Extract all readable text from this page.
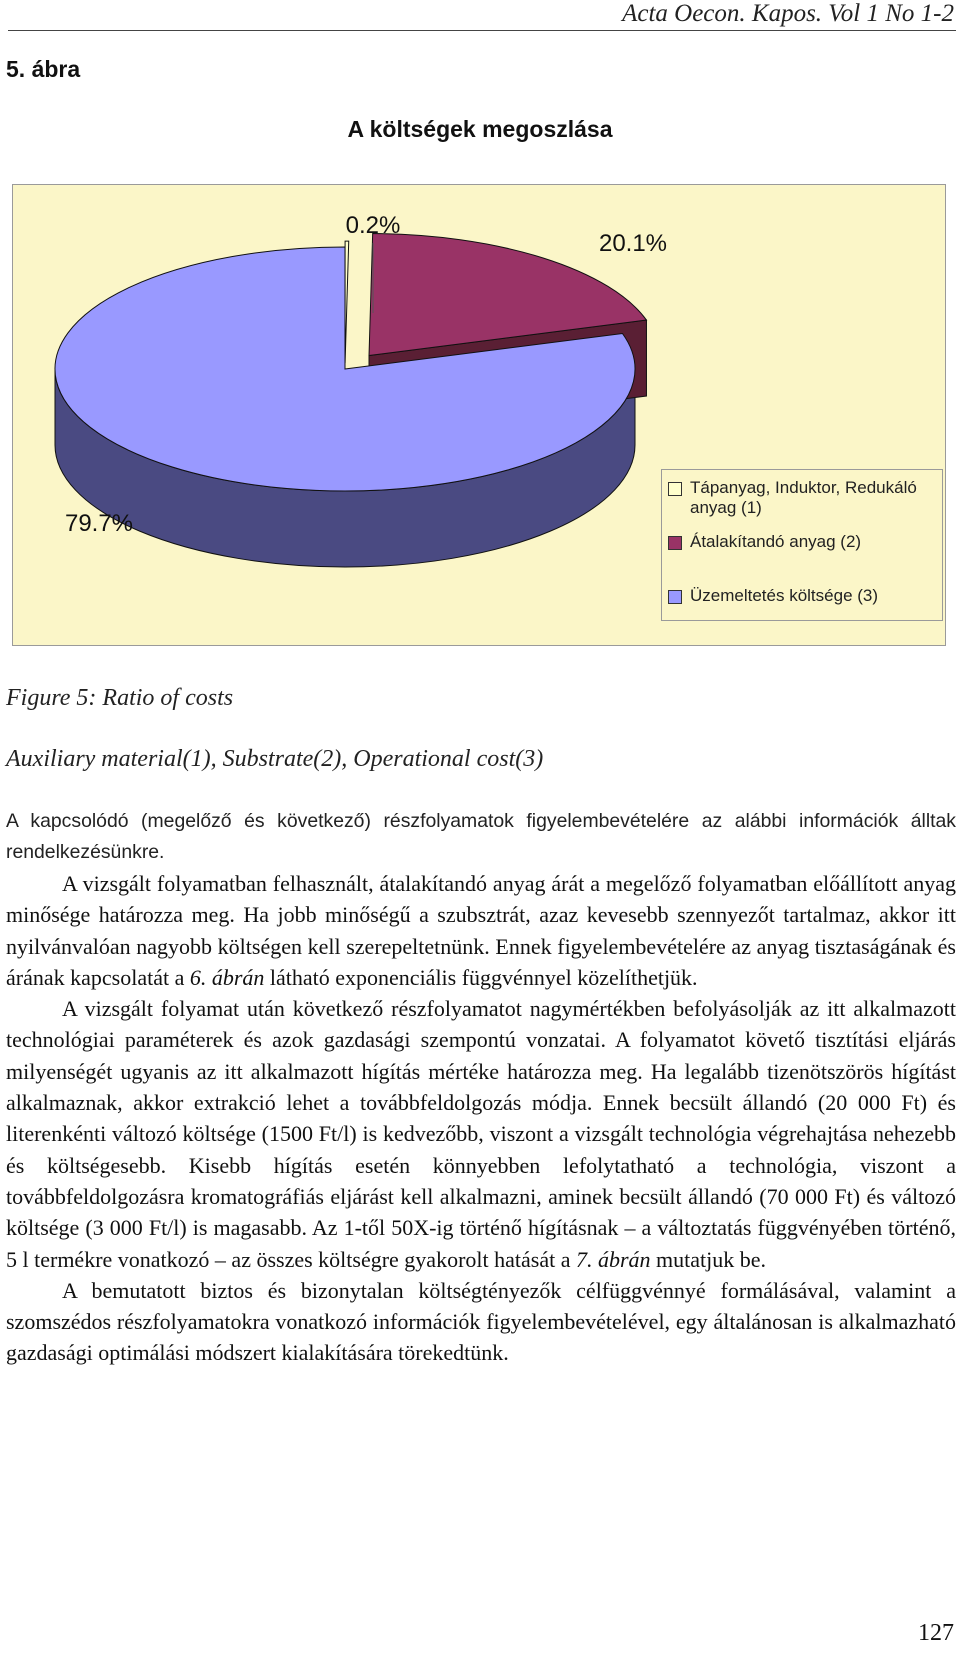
Acta Oecon. Kapos. Vol 1 No 1-2
5. ábra
A költségek megoszlása
0.2%
20.1%
79.7%
Tápanyag, Induktor, Redukáló anyag (1)
Átalakítandó anyag (2)
Üzemeltetés költsége (3)
Figure 5: Ratio of costs
Auxiliary material(1), Substrate(2), Operational cost(3)
A kapcsolódó (megelőző és következő) részfolyamatok figyelembevételére az alábbi információk álltak rendelkezésünkre.

A vizsgált folyamatban felhasznált, átalakítandó anyag árát a megelőző folyamatban előállított anyag minősége határozza meg. Ha jobb minőségű a szubsztrát, azaz kevesebb szennyezőt tartalmaz, akkor itt nyilvánvalóan nagyobb költségen kell szerepeltetnünk. Ennek figyelembevételére az anyag tisztaságának és árának kapcsolatát a 6. ábrán látható exponenciális függvénnyel közelíthetjük.

A vizsgált folyamat után következő részfolyamatot nagymértékben befolyásolják az itt alkalmazott technológiai paraméterek és azok gazdasági szempontú vonzatai. A folyamatot követő tisztítási eljárás milyenségét ugyanis az itt alkalmazott hígítás mértéke határozza meg. Ha legalább tizenötszörös hígítást alkalmaznak, akkor extrakció lehet a továbbfeldolgozás módja. Ennek becsült állandó (20 000 Ft) és literenkénti változó költsége (1500 Ft/l) is kedvezőbb, viszont a vizsgált technológia végrehajtása nehezebb és költségesebb. Kisebb hígítás esetén könnyebben lefolytatható a technológia, viszont a továbbfeldolgozásra kromatográfiás eljárást kell alkalmazni, aminek becsült állandó (70 000 Ft) és változó költsége (3 000 Ft/l) is magasabb. Az 1-től 50X-ig történő hígításnak – a változtatás függvényében történő, 5 l termékre vonatkozó – az összes költségre gyakorolt hatását a 7. ábrán mutatjuk be.

A bemutatott biztos és bizonytalan költségtényezők célfüggvénnyé formálásával, valamint a szomszédos részfolyamatokra vonatkozó információk figyelembevételével, egy általánosan is alkalmazható gazdasági optimálási módszert kialakítására törekedtünk.

127
